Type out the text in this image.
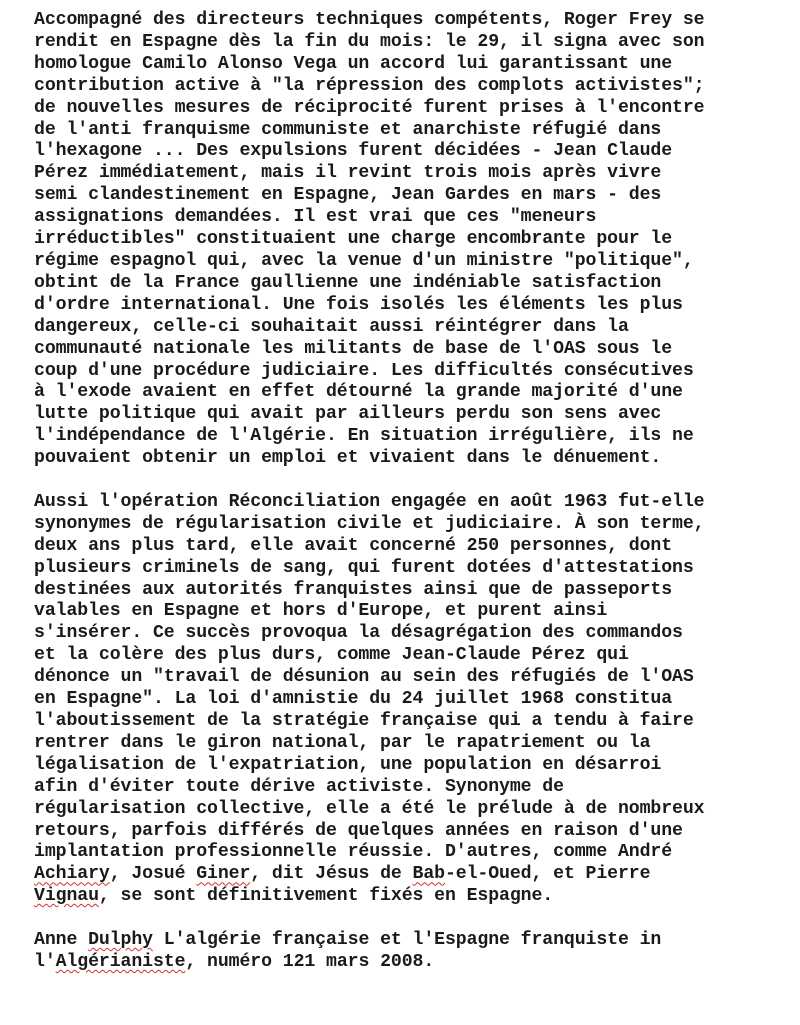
Accompagné des directeurs techniques compétents, Roger Frey se
rendit en Espagne dès la fin du mois: le 29, il signa avec son
homologue Camilo Alonso Vega un accord lui garantissant une
contribution active à "la répression des complots activistes";
de nouvelles mesures de réciprocité furent prises à l'encontre
de l'anti franquisme communiste et anarchiste réfugié dans
l'hexagone ... Des expulsions furent décidées - Jean Claude
Pérez immédiatement, mais il revint trois mois après vivre
semi clandestinement en Espagne, Jean Gardes en mars - des
assignations demandées. Il est vrai que ces "meneurs
irréductibles" constituaient une charge encombrante pour le
régime espagnol qui, avec la venue d'un ministre "politique",
obtint de la France gaullienne une indéniable satisfaction
d'ordre international. Une fois isolés les éléments les plus
dangereux, celle-ci souhaitait aussi réintégrer dans la
communauté nationale les militants de base de l'OAS sous le
coup d'une procédure judiciaire. Les difficultés consécutives
à l'exode avaient en effet détourné la grande majorité d'une
lutte politique qui avait par ailleurs perdu son sens avec
l'indépendance de l'Algérie. En situation irrégulière, ils ne
pouvaient obtenir un emploi et vivaient dans le dénuement.
Aussi l'opération Réconciliation engagée en août 1963 fut-elle
synonymes de régularisation civile et judiciaire. À son terme,
deux ans plus tard, elle avait concerné 250 personnes, dont
plusieurs criminels de sang, qui furent dotées d'attestations
destinées aux autorités franquistes ainsi que de passeports
valables en Espagne et hors d'Europe, et purent ainsi
s'insérer. Ce succès provoqua la désagrégation des commandos
et la colère des plus durs, comme Jean-Claude Pérez qui
dénonce un "travail de désunion au sein des réfugiés de l'OAS
en Espagne". La loi d'amnistie du 24 juillet 1968 constitua
l'aboutissement de la stratégie française qui a tendu à faire
rentrer dans le giron national, par le rapatriement ou la
légalisation de l'expatriation, une population en désarroi
afin d'éviter toute dérive activiste. Synonyme de
régularisation collective, elle a été le prélude à de nombreux
retours, parfois différés de quelques années en raison d'une
implantation professionnelle réussie. D'autres, comme André
Achiary, Josué Giner, dit Jésus de Bab-el-Oued, et Pierre
Vignau, se sont définitivement fixés en Espagne.
Anne Dulphy L'algérie française et l'Espagne franquiste in
l'Algérianiste, numéro 121 mars 2008.
